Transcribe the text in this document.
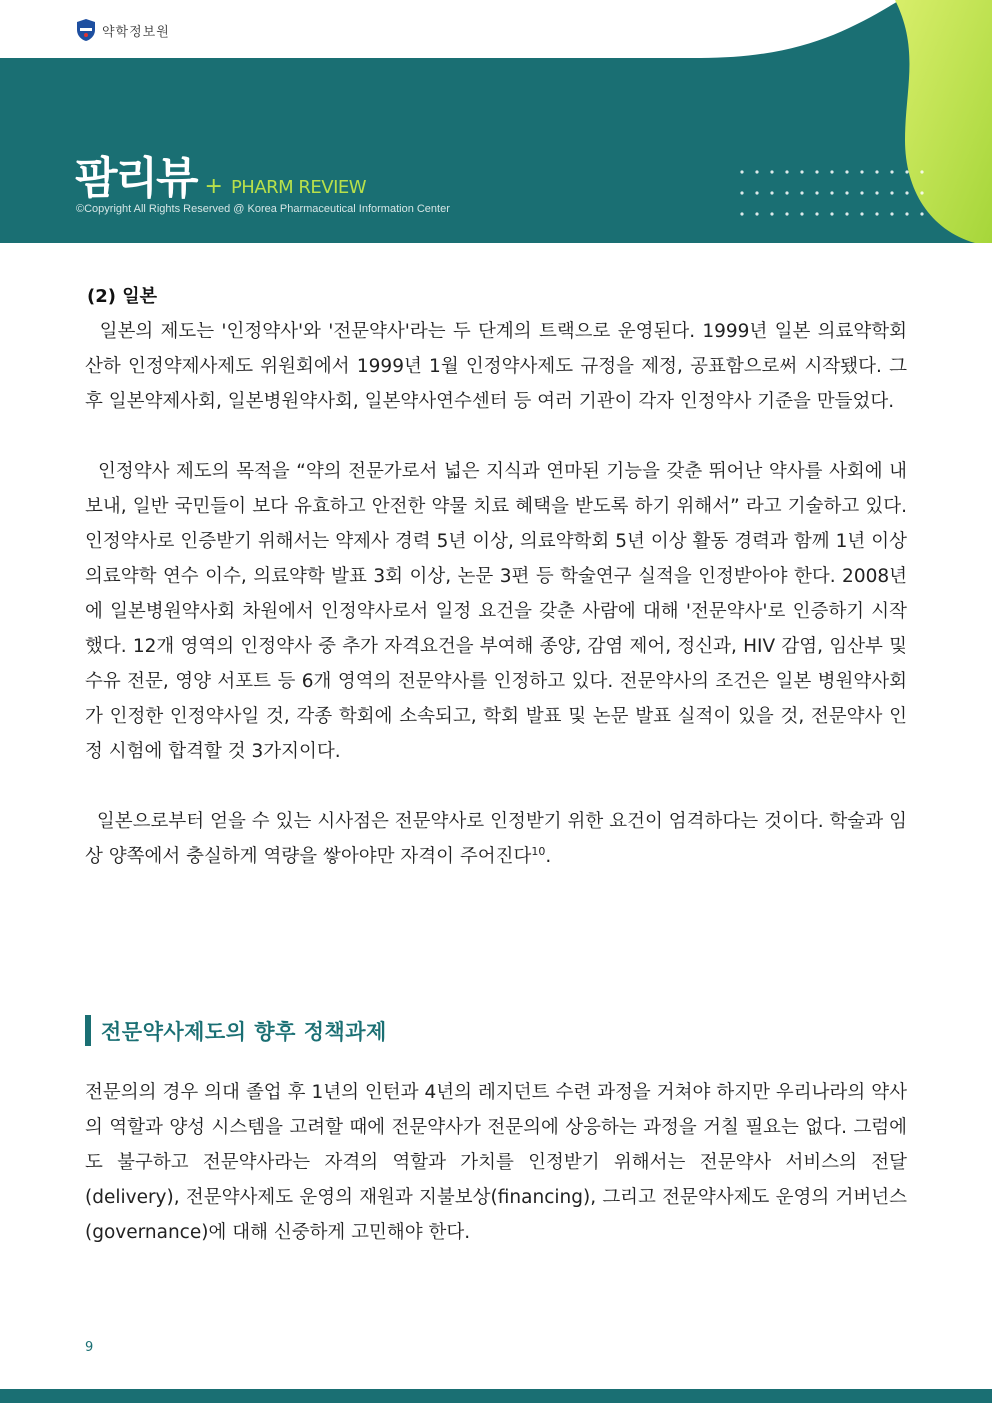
약학정보원
팜리뷰 + PHARM REVIEW
©Copyright All Rights Reserved @ Korea Pharmaceutical Information Center
(2) 일본

일본의 제도는 '인정약사'와 '전문약사'라는 두 단계의 트랙으로 운영된다. 1999년 일본 의료약학회 산하 인정약제사제도 위원회에서 1999년 1월 인정약사제도 규정을 제정, 공표함으로써 시작됐다. 그 후 일본약제사회, 일본병원약사회, 일본약사연수센터 등 여러 기관이 각자 인정약사 기준을 만들었다.

인정약사 제도의 목적을 “약의 전문가로서 넓은 지식과 연마된 기능을 갖춘 뛰어난 약사를 사회에 내보내, 일반 국민들이 보다 유효하고 안전한 약물 치료 혜택을 받도록 하기 위해서” 라고 기술하고 있다. 인정약사로 인증받기 위해서는 약제사 경력 5년 이상, 의료약학회 5년 이상 활동 경력과 함께 1년 이상 의료약학 연수 이수, 의료약학 발표 3회 이상, 논문 3편 등 학술연구 실적을 인정받아야 한다. 2008년에 일본병원약사회 차원에서 인정약사로서 일정 요건을 갖춘 사람에 대해 '전문약사'로 인증하기 시작했다. 12개 영역의 인정약사 중 추가 자격요건을 부여해 종양, 감염 제어, 정신과, HIV 감염, 임산부 및 수유 전문, 영양 서포트 등 6개 영역의 전문약사를 인정하고 있다. 전문약사의 조건은 일본 병원약사회가 인정한 인정약사일 것, 각종 학회에 소속되고, 학회 발표 및 논문 발표 실적이 있을 것, 전문약사 인정 시험에 합격할 것 3가지이다.

일본으로부터 얻을 수 있는 시사점은 전문약사로 인정받기 위한 요건이 엄격하다는 것이다. 학술과 임상 양쪽에서 충실하게 역량을 쌓아야만 자격이 주어진다$^{10}$.

전문약사제도의 향후 정책과제

전문의의 경우 의대 졸업 후 1년의 인턴과 4년의 레지던트 수련 과정을 거쳐야 하지만 우리나라의 약사의 역할과 양성 시스템을 고려할 때에 전문약사가 전문의에 상응하는 과정을 거칠 필요는 없다. 그럼에도 불구하고 전문약사라는 자격의 역할과 가치를 인정받기 위해서는 전문약사 서비스의 전달(delivery), 전문약사제도 운영의 재원과 지불보상(financing), 그리고 전문약사제도 운영의 거버넌스(governance)에 대해 신중하게 고민해야 한다.

9
